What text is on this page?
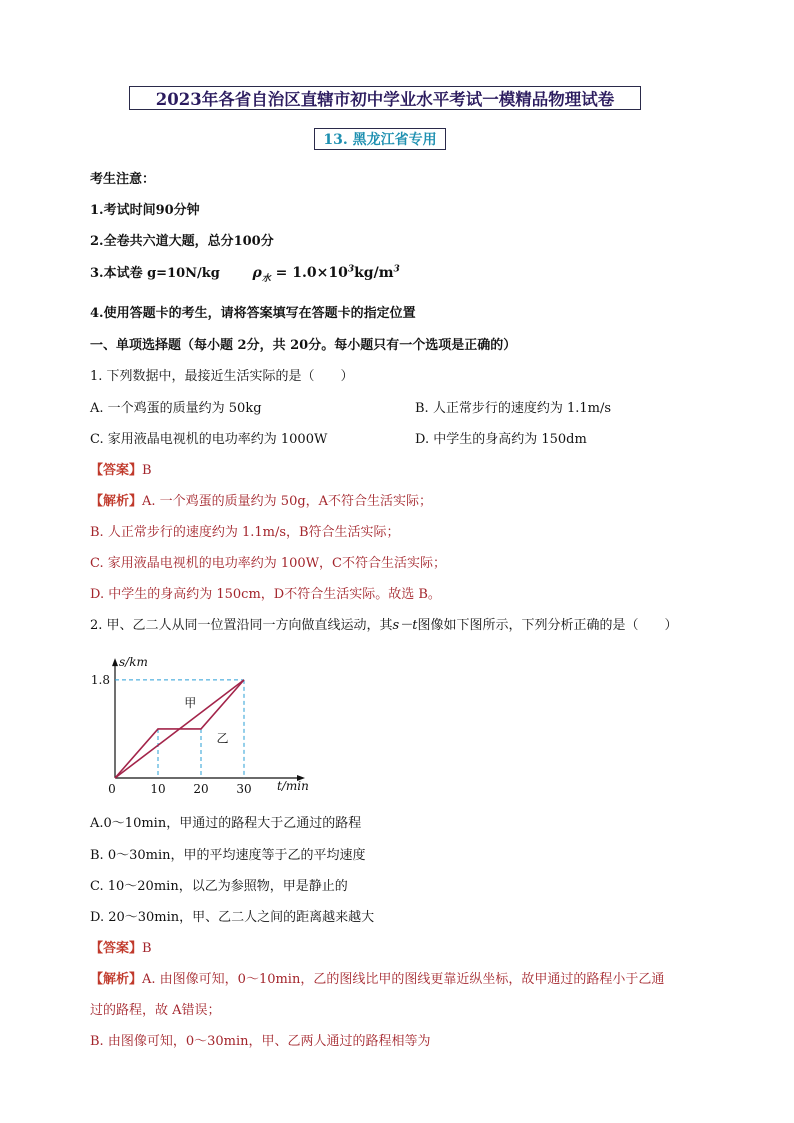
2023年各省自治区直辖市初中学业水平考试一模精品物理试卷
13. 黑龙江省专用
考生注意：
1.考试时间90分钟
2.全卷共六道大题，总分100分
3.本试卷 g=10N/kg $\rho_水 = 1.0\times 10^3kg/m^3$
4.使用答题卡的考生，请将答案填写在答题卡的指定位置
一、单项选择题（每小题 2分，共 20分。每小题只有一个选项是正确的）
1. 下列数据中，最接近生活实际的是（　　）
A. 一个鸡蛋的质量约为 50kg	B. 人正常步行的速度约为 1.1m/s
C. 家用液晶电视机的电功率约为 1000W	D. 中学生的身高约为 150dm
【答案】B
【解析】A. 一个鸡蛋的质量约为 50g，A不符合生活实际；
B. 人正常步行的速度约为 1.1m/s，B符合生活实际；
C. 家用液晶电视机的电功率约为 100W，C不符合生活实际；
D. 中学生的身高约为 150cm，D不符合生活实际。故选 B。
2. 甲、乙二人从同一位置沿同一方向做直线运动，其s－t图像如下图所示，下列分析正确的是（　　）
s/km
t/min
0	10 20 30
1.8
甲
乙
A.0～10min，甲通过的路程大于乙通过的路程
B. 0～30min，甲的平均速度等于乙的平均速度
C. 10～20min，以乙为参照物，甲是静止的
D. 20～30min，甲、乙二人之间的距离越来越大
【答案】B
【解析】A. 由图像可知，0～10min，乙的图线比甲的图线更靠近纵坐标，故甲通过的路程小于乙通
过的路程，故 A错误；
B. 由图像可知，0～30min，甲、乙两人通过的路程相等为
